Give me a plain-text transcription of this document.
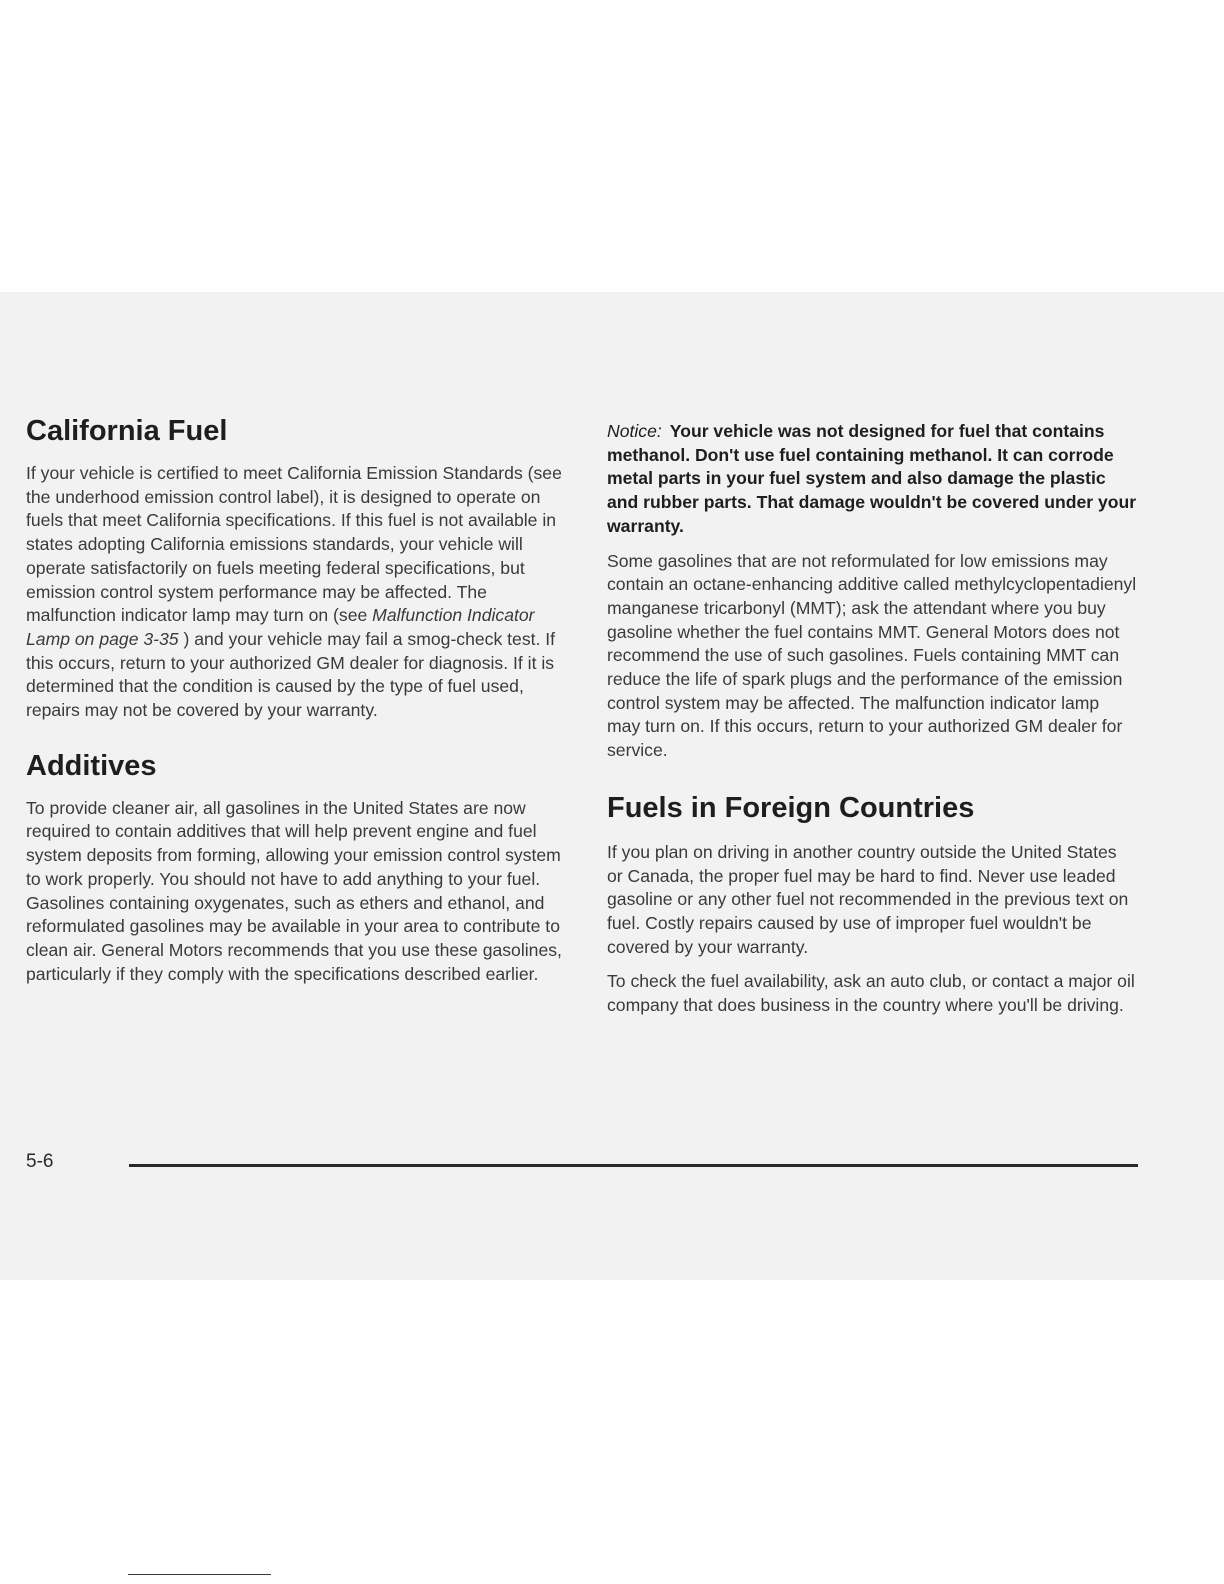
California Fuel

If your vehicle is certified to meet California Emission Standards (see the underhood emission control label), it is designed to operate on fuels that meet California specifications. If this fuel is not available in states adopting California emissions standards, your vehicle will operate satisfactorily on fuels meeting federal specifications, but emission control system performance may be affected. The malfunction indicator lamp may turn on (see Malfunction Indicator Lamp on page 3-35 ) and your vehicle may fail a smog-check test. If this occurs, return to your authorized GM dealer for diagnosis. If it is determined that the condition is caused by the type of fuel used, repairs may not be covered by your warranty.

Additives

To provide cleaner air, all gasolines in the United States are now required to contain additives that will help prevent engine and fuel system deposits from forming, allowing your emission control system to work properly. You should not have to add anything to your fuel. Gasolines containing oxygenates, such as ethers and ethanol, and reformulated gasolines may be available in your area to contribute to clean air. General Motors recommends that you use these gasolines, particularly if they comply with the specifications described earlier.

Notice: Your vehicle was not designed for fuel that contains methanol. Don't use fuel containing methanol. It can corrode metal parts in your fuel system and also damage the plastic and rubber parts. That damage wouldn't be covered under your warranty.

Some gasolines that are not reformulated for low emissions may contain an octane-enhancing additive called methylcyclopentadienyl manganese tricarbonyl (MMT); ask the attendant where you buy gasoline whether the fuel contains MMT. General Motors does not recommend the use of such gasolines. Fuels containing MMT can reduce the life of spark plugs and the performance of the emission control system may be affected. The malfunction indicator lamp may turn on. If this occurs, return to your authorized GM dealer for service.

Fuels in Foreign Countries

If you plan on driving in another country outside the United States or Canada, the proper fuel may be hard to find. Never use leaded gasoline or any other fuel not recommended in the previous text on fuel. Costly repairs caused by use of improper fuel wouldn't be covered by your warranty.

To check the fuel availability, ask an auto club, or contact a major oil company that does business in the country where you'll be driving.

5-6
